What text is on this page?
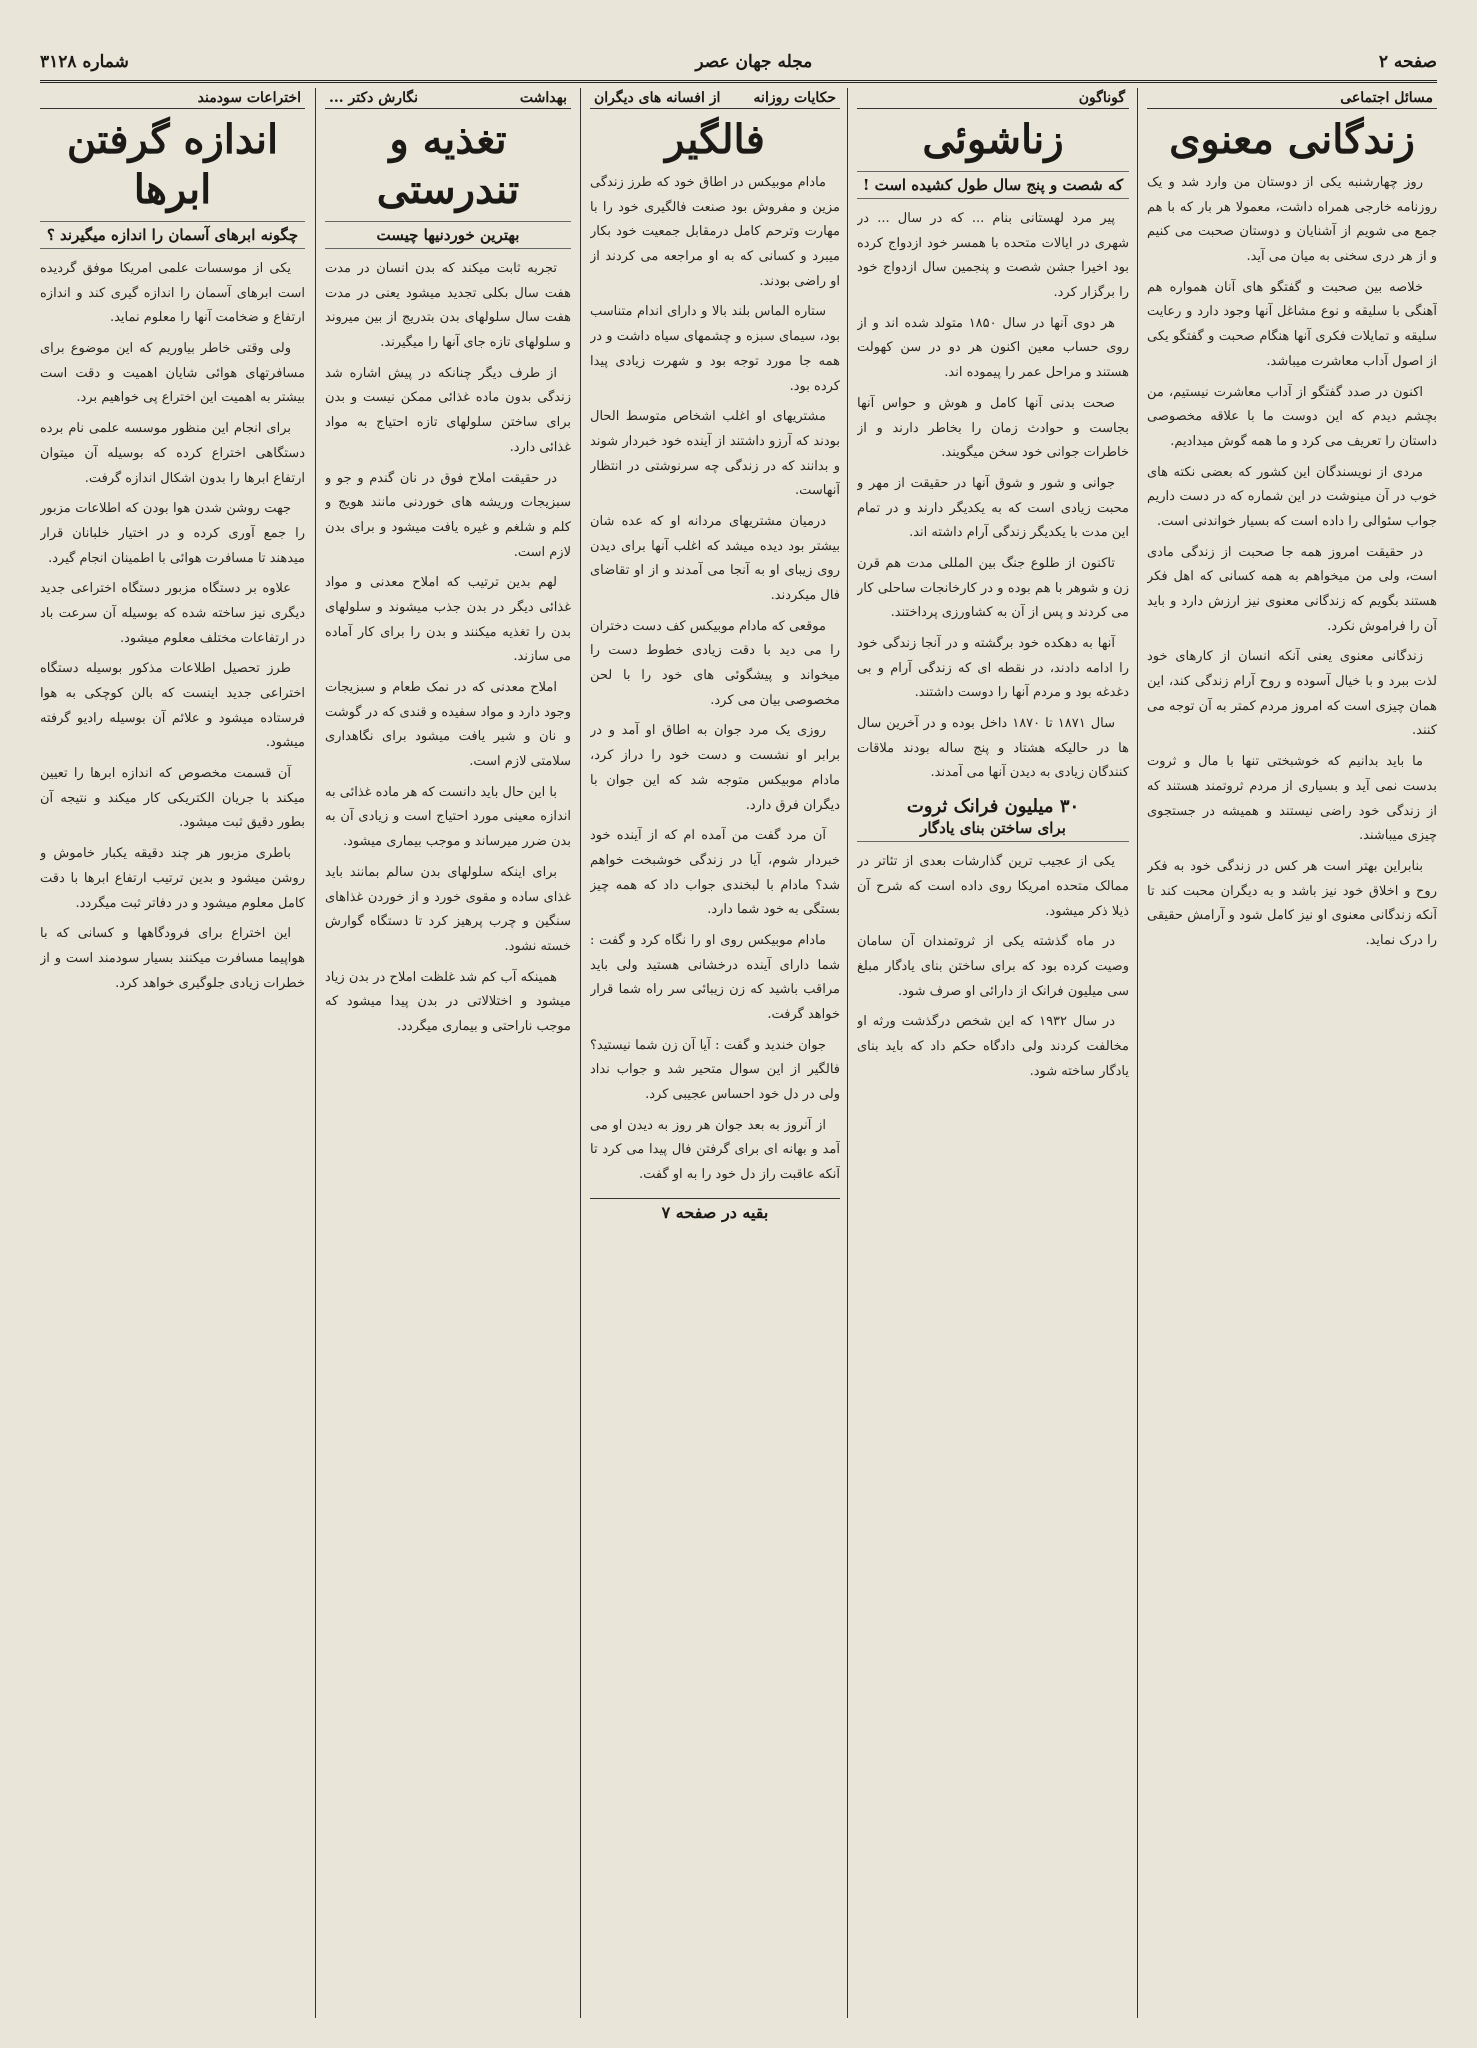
صفحه ۲
مجله جهان عصر
شماره ۳۱۲۸
مسائل اجتماعی
زندگانی معنوی

روز چهارشنبه یکی از دوستان من وارد شد و یک روزنامه خارجی همراه داشت، معمولا هر بار که با هم جمع می شویم از آشنایان و دوستان صحبت می کنیم و از هر دری سخنی به میان می آید.

خلاصه بین صحبت و گفتگو های آنان همواره هم آهنگی با سلیقه و نوع مشاغل آنها وجود دارد و رعایت سلیقه و تمایلات فکری آنها هنگام صحبت و گفتگو یکی از اصول آداب معاشرت میباشد.

اکنون در صدد گفتگو از آداب معاشرت نیستیم، من بچشم دیدم که این دوست ما با علاقه مخصوصی داستان را تعریف می کرد و ما همه گوش میدادیم.

مردی از نویسندگان این کشور که بعضی نکته های خوب در آن مینوشت در این شماره که در دست داریم جواب سئوالی را داده است که بسیار خواندنی است.

در حقیقت امروز همه جا صحبت از زندگی مادی است، ولی من میخواهم به همه کسانی که اهل فکر هستند بگویم که زندگانی معنوی نیز ارزش دارد و باید آن را فراموش نکرد.

زندگانی معنوی یعنی آنکه انسان از کارهای خود لذت ببرد و با خیال آسوده و روح آرام زندگی کند، این همان چیزی است که امروز مردم کمتر به آن توجه می کنند.

ما باید بدانیم که خوشبختی تنها با مال و ثروت بدست نمی آید و بسیاری از مردم ثروتمند هستند که از زندگی خود راضی نیستند و همیشه در جستجوی چیزی میباشند.

بنابراین بهتر است هر کس در زندگی خود به فکر روح و اخلاق خود نیز باشد و به دیگران محبت کند تا آنکه زندگانی معنوی او نیز کامل شود و آرامش حقیقی را درک نماید.

گوناگون
زناشوئی
که شصت و پنج سال طول کشیده است !

پیر مرد لهستانی بنام ... که در سال ... در شهری در ایالات متحده با همسر خود ازدواج کرده بود اخیرا جشن شصت و پنجمین سال ازدواج خود را برگزار کرد.

هر دوی آنها در سال ۱۸۵۰ متولد شده اند و از روی حساب معین اکنون هر دو در سن کهولت هستند و مراحل عمر را پیموده اند.

صحت بدنی آنها کامل و هوش و حواس آنها بجاست و حوادث زمان را بخاطر دارند و از خاطرات جوانی خود سخن میگویند.

جوانی و شور و شوق آنها در حقیقت از مهر و محبت زیادی است که به یکدیگر دارند و در تمام این مدت با یکدیگر زندگی آرام داشته اند.

تاکنون از طلوع جنگ بین المللی مدت هم قرن زن و شوهر با هم بوده و در کارخانجات ساحلی کار می کردند و پس از آن به کشاورزی پرداختند.

آنها به دهکده خود برگشته و در آنجا زندگی خود را ادامه دادند، در نقطه ای که زندگی آرام و بی دغدغه بود و مردم آنها را دوست داشتند.

سال ۱۸۷۱ تا ۱۸۷۰ داخل بوده و در آخرین سال ها در حالیکه هشتاد و پنج ساله بودند ملاقات کنندگان زیادی به دیدن آنها می آمدند.

۳۰ میلیون فرانک ثروت
برای ساختن بنای یادگار

یکی از عجیب ترین گذارشات بعدی از تئاتر در ممالک متحده امریکا روی داده است که شرح آن ذیلا ذکر میشود.

در ماه گذشته یکی از ثروتمندان آن سامان وصیت کرده بود که برای ساختن بنای یادگار مبلغ سی میلیون فرانک از دارائی او صرف شود.

در سال ۱۹۳۲ که این شخص درگذشت ورثه او مخالفت کردند ولی دادگاه حکم داد که باید بنای یادگار ساخته شود.

حکایات روزانه
از افسانه های دیگران
فالگیر

مادام موبیکس در اطاق خود که طرز زندگی مزین و مفروش بود صنعت فالگیری خود را با مهارت وترحم کامل درمقابل جمعیت خود بکار میبرد و کسانی که به او مراجعه می کردند از او راضی بودند.

ستاره الماس بلند بالا و دارای اندام متناسب بود، سیمای سبزه و چشمهای سیاه داشت و در همه جا مورد توجه بود و شهرت زیادی پیدا کرده بود.

مشتریهای او اغلب اشخاص متوسط الحال بودند که آرزو داشتند از آینده خود خبردار شوند و بدانند که در زندگی چه سرنوشتی در انتظار آنهاست.

درمیان مشتریهای مردانه او که عده شان بیشتر بود دیده میشد که اغلب آنها برای دیدن روی زیبای او به آنجا می آمدند و از او تقاضای فال میکردند.

موقعی که مادام موبیکس کف دست دختران را می دید با دقت زیادی خطوط دست را میخواند و پیشگوئی های خود را با لحن مخصوصی بیان می کرد.

روزی یک مرد جوان به اطاق او آمد و در برابر او نشست و دست خود را دراز کرد، مادام موبیکس متوجه شد که این جوان با دیگران فرق دارد.

آن مرد گفت من آمده ام که از آینده خود خبردار شوم، آیا در زندگی خوشبخت خواهم شد؟ مادام با لبخندی جواب داد که همه چیز بستگی به خود شما دارد.

مادام موبیکس روی او را نگاه کرد و گفت : شما دارای آینده درخشانی هستید ولی باید مراقب باشید که زن زیبائی سر راه شما قرار خواهد گرفت.

جوان خندید و گفت : آیا آن زن شما نیستید؟ فالگیر از این سوال متحیر شد و جواب نداد ولی در دل خود احساس عجیبی کرد.

از آنروز به بعد جوان هر روز به دیدن او می آمد و بهانه ای برای گرفتن فال پیدا می کرد تا آنکه عاقبت راز دل خود را به او گفت.

بقیه در صفحه ۷
بهداشت
نگارش دکتر ...
تغذیه و تندرستی
بهترین خوردنیها چیست

تجربه ثابت میکند که بدن انسان در مدت هفت سال بکلی تجدید میشود یعنی در مدت هفت سال سلولهای بدن بتدریج از بین میروند و سلولهای تازه جای آنها را میگیرند.

از طرف دیگر چنانکه در پیش اشاره شد زندگی بدون ماده غذائی ممکن نیست و بدن برای ساختن سلولهای تازه احتیاج به مواد غذائی دارد.

در حقیقت املاح فوق در نان گندم و جو و سبزیجات وریشه های خوردنی مانند هویج و کلم و شلغم و غیره یافت میشود و برای بدن لازم است.

لهم بدین ترتیب که املاح معدنی و مواد غذائی دیگر در بدن جذب میشوند و سلولهای بدن را تغذیه میکنند و بدن را برای کار آماده می سازند.

املاح معدنی که در نمک طعام و سبزیجات وجود دارد و مواد سفیده و قندی که در گوشت و نان و شیر یافت میشود برای نگاهداری سلامتی لازم است.

با این حال باید دانست که هر ماده غذائی به اندازه معینی مورد احتیاج است و زیادی آن به بدن ضرر میرساند و موجب بیماری میشود.

برای اینکه سلولهای بدن سالم بمانند باید غذای ساده و مقوی خورد و از خوردن غذاهای سنگین و چرب پرهیز کرد تا دستگاه گوارش خسته نشود.

همینکه آب کم شد غلظت املاح در بدن زیاد میشود و اختلالاتی در بدن پیدا میشود که موجب ناراحتی و بیماری میگردد.

اختراعات سودمند
اندازه گرفتن ابرها
چگونه ابرهای آسمان را اندازه میگیرند ؟

یکی از موسسات علمی امریکا موفق گردیده است ابرهای آسمان را اندازه گیری کند و اندازه ارتفاع و ضخامت آنها را معلوم نماید.

ولی وقتی خاطر بیاوریم که این موضوع برای مسافرتهای هوائی شایان اهمیت و دقت است بیشتر به اهمیت این اختراع پی خواهیم برد.

برای انجام این منظور موسسه علمی نام برده دستگاهی اختراع کرده که بوسیله آن میتوان ارتفاع ابرها را بدون اشکال اندازه گرفت.

جهت روشن شدن هوا بودن که اطلاعات مزبور را جمع آوری کرده و در اختیار خلبانان قرار میدهند تا مسافرت هوائی با اطمینان انجام گیرد.

علاوه بر دستگاه مزبور دستگاه اختراعی جدید دیگری نیز ساخته شده که بوسیله آن سرعت باد در ارتفاعات مختلف معلوم میشود.

طرز تحصیل اطلاعات مذکور بوسیله دستگاه اختراعی جدید اینست که بالن کوچکی به هوا فرستاده میشود و علائم آن بوسیله رادیو گرفته میشود.

آن قسمت مخصوص که اندازه ابرها را تعیین میکند با جریان الکتریکی کار میکند و نتیجه آن بطور دقیق ثبت میشود.

باطری مزبور هر چند دقیقه یکبار خاموش و روشن میشود و بدین ترتیب ارتفاع ابرها با دقت کامل معلوم میشود و در دفاتر ثبت میگردد.

این اختراع برای فرودگاهها و کسانی که با هواپیما مسافرت میکنند بسیار سودمند است و از خطرات زیادی جلوگیری خواهد کرد.
